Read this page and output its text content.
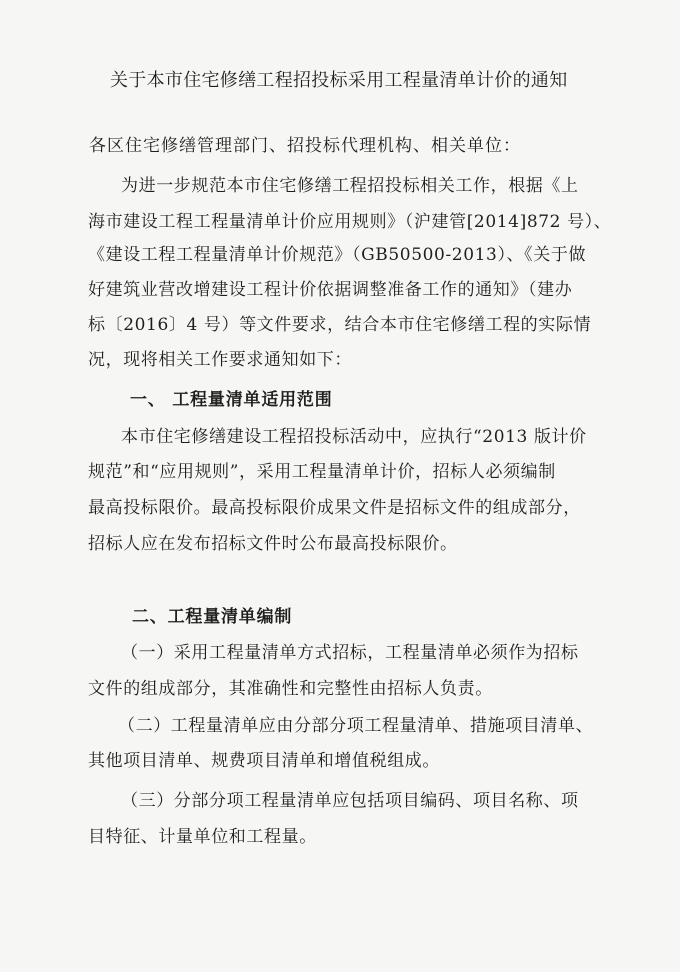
关于本市住宅修缮工程招投标采用工程量清单计价的通知
各区住宅修缮管理部门、招投标代理机构、相关单位：
为进一步规范本市住宅修缮工程招投标相关工作，根据《上
海市建设工程工程量清单计价应用规则》（沪建管[2014]872 号）、
《建设工程工程量清单计价规范》（GB50500-2013）、《关于做
好建筑业营改增建设工程计价依据调整准备工作的通知》（建办
标〔2016〕4 号）等文件要求，结合本市住宅修缮工程的实际情
况，现将相关工作要求通知如下：
一、 工程量清单适用范围
本市住宅修缮建设工程招投标活动中，应执行“2013 版计价
规范”和“应用规则”，采用工程量清单计价，招标人必须编制
最高投标限价。最高投标限价成果文件是招标文件的组成部分，
招标人应在发布招标文件时公布最高投标限价。
二、工程量清单编制
（一）采用工程量清单方式招标，工程量清单必须作为招标
文件的组成部分，其准确性和完整性由招标人负责。
（二）工程量清单应由分部分项工程量清单、措施项目清单、
其他项目清单、规费项目清单和增值税组成。
（三）分部分项工程量清单应包括项目编码、项目名称、项
目特征、计量单位和工程量。
